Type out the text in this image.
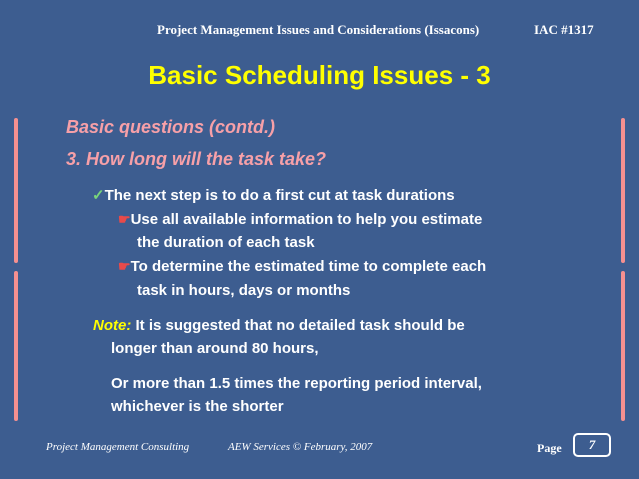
Project Management Issues and Considerations (Issacons)	IAC #1317
Basic Scheduling Issues - 3
Basic questions (contd.)
3. How long will the task take?
✓The next step is to do a first cut at task durations
☛Use all available information to help you estimate
the duration of each task
☛To determine the estimated time to complete each
task in hours, days or months
Note: It is suggested that no detailed task should be
longer than around 80 hours,
Or more than 1.5 times the reporting period interval,
whichever is the shorter
Project Management Consulting	AEW Services © February, 2007	Page	7
